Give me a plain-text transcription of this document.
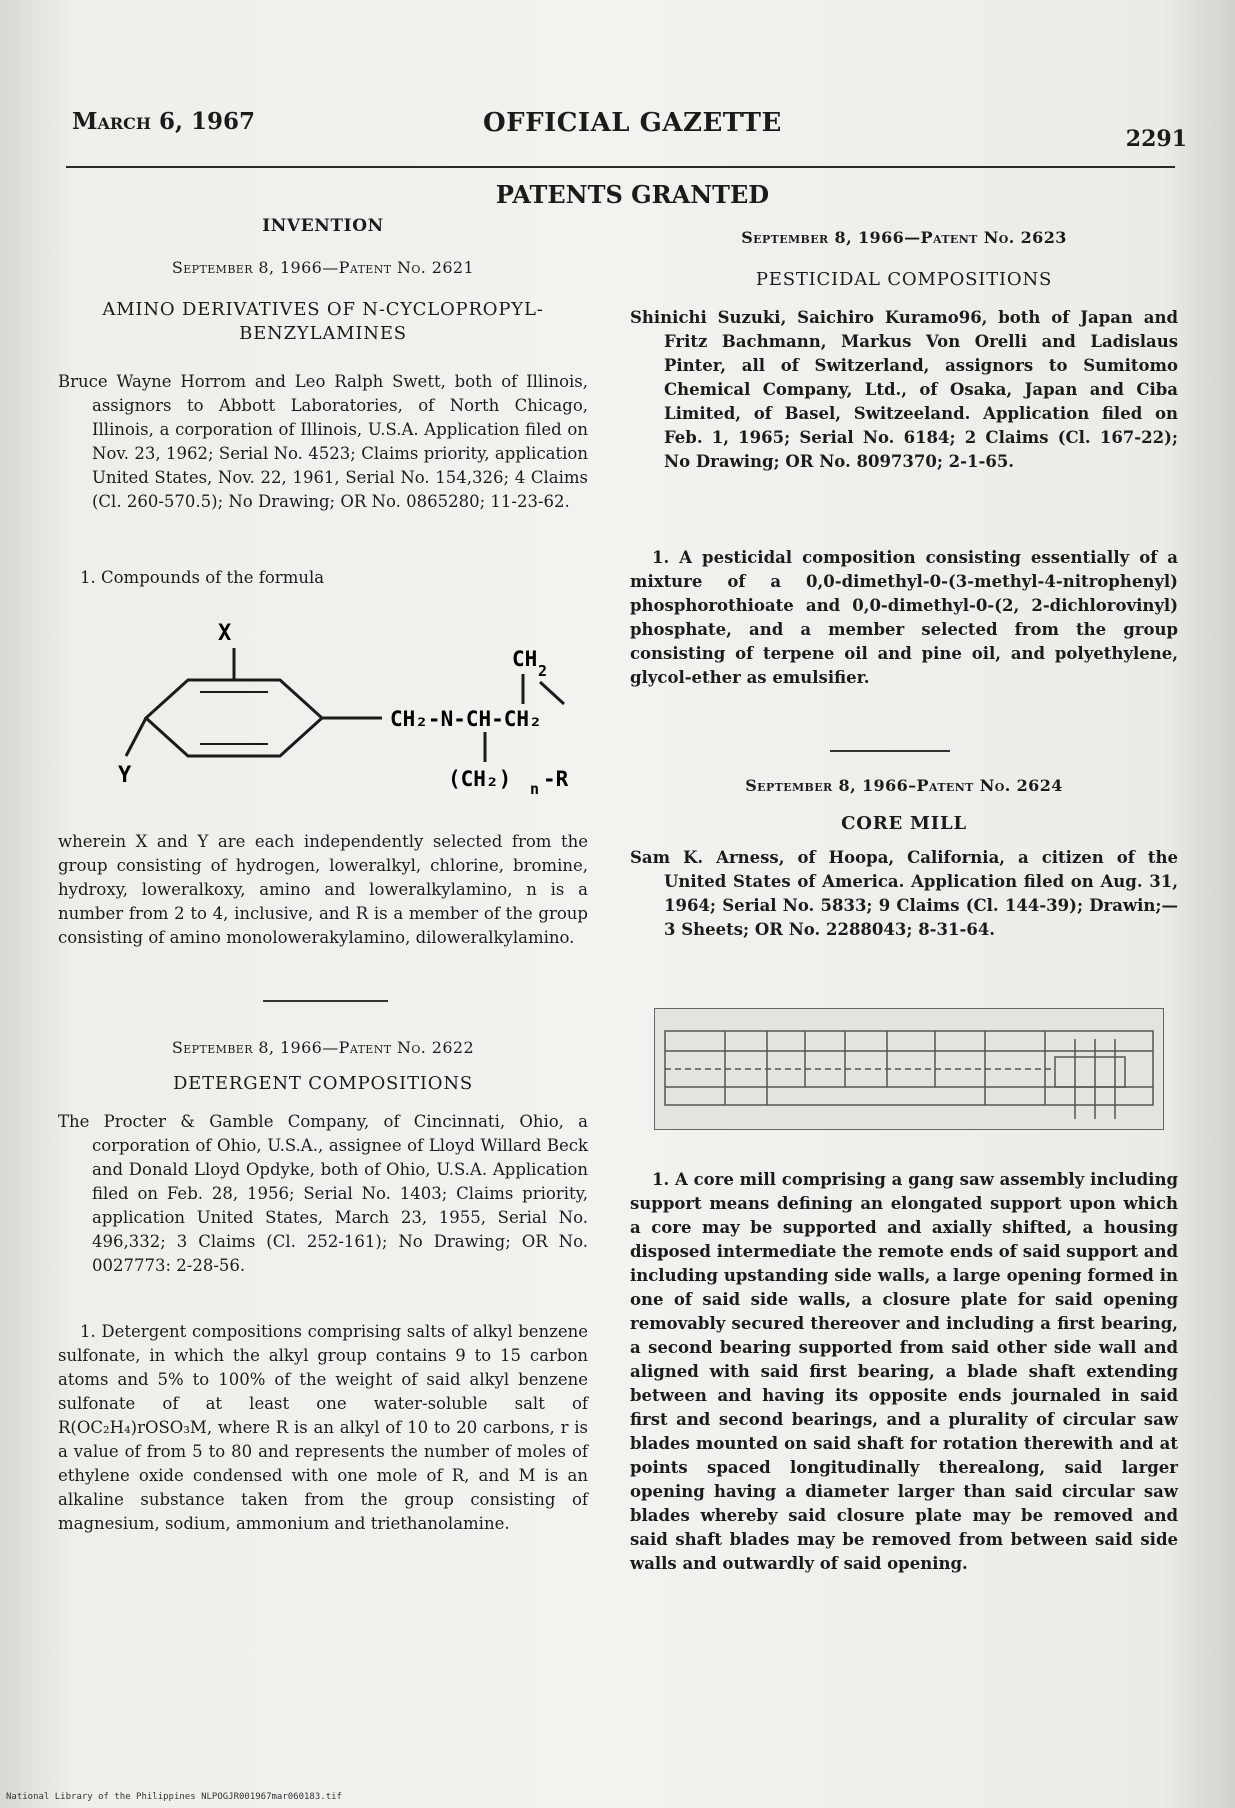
March 6, 1967	OFFICIAL GAZETTE
2291
PATENTS GRANTED
INVENTION
September 8, 1966—Patent No. 2621
AMINO DERIVATIVES OF N-CYCLOPROPYL-
BENZYLAMINES
Bruce Wayne Horrom and Leo Ralph Swett, both of Illinois, assignors to Abbott Laboratories, of North Chicago, Illinois, a corporation of Illinois, U.S.A. Application filed on Nov. 23, 1962; Serial No. 4523; Claims priority, application United States, Nov. 22, 1961, Serial No. 154,326; 4 Claims (Cl. 260-570.5); No Drawing; OR No. 0865280; 11-23-62.
1. Compounds of the formula
X
Y
CH₂-N-CH-CH₂
CH 2
(CH₂) n -R
wherein X and Y are each independently selected from the group consisting of hydrogen, loweralkyl, chlorine, bromine, hydroxy, loweralkoxy, amino and loweralkylamino, n is a number from 2 to 4, inclusive, and R is a member of the group consisting of amino monolowerakylamino, diloweralkylamino.
September 8, 1966—Patent No. 2622
DETERGENT COMPOSITIONS
The Procter & Gamble Company, of Cincinnati, Ohio, a corporation of Ohio, U.S.A., assignee of Lloyd Willard Beck and Donald Lloyd Opdyke, both of Ohio, U.S.A. Application filed on Feb. 28, 1956; Serial No. 1403; Claims priority, application United States, March 23, 1955, Serial No. 496,332; 3 Claims (Cl. 252-161); No Drawing; OR No. 0027773: 2-28-56.
1. Detergent compositions comprising salts of alkyl benzene sulfonate, in which the alkyl group contains 9 to 15 carbon atoms and 5% to 100% of the weight of said alkyl benzene sulfonate of at least one water-soluble salt of R(OC₂H₄)rOSO₃M, where R is an alkyl of 10 to 20 carbons, r is a value of from 5 to 80 and represents the number of moles of ethylene oxide condensed with one mole of R, and M is an alkaline substance taken from the group consisting of magnesium, sodium, ammonium and triethanolamine.
September 8, 1966—Patent No. 2623
PESTICIDAL COMPOSITIONS
Shinichi Suzuki, Saichiro Kuramo96, both of Japan and Fritz Bachmann, Markus Von Orelli and Ladislaus Pinter, all of Switzerland, assignors to Sumitomo Chemical Company, Ltd., of Osaka, Japan and Ciba Limited, of Basel, Switzeeland. Application filed on Feb. 1, 1965; Serial No. 6184; 2 Claims (Cl. 167-22); No Drawing; OR No. 8097370; 2-1-65.
1. A pesticidal composition consisting essentially of a mixture of a 0,0-dimethyl-0-(3-methyl-4-nitrophenyl) phosphorothioate and 0,0-dimethyl-0-(2, 2-dichlorovinyl) phosphate, and a member selected from the group consisting of terpene oil and pine oil, and polyethylene, glycol-ether as emulsifier.
September 8, 1966–Patent No. 2624
CORE MILL
Sam K. Arness, of Hoopa, California, a citizen of the United States of America. Application filed on Aug. 31, 1964; Serial No. 5833; 9 Claims (Cl. 144-39); Drawin;—3 Sheets; OR No. 2288043; 8-31-64.
1. A core mill comprising a gang saw assembly including support means defining an elongated support upon which a core may be supported and axially shifted, a housing disposed intermediate the remote ends of said support and including upstanding side walls, a large opening formed in one of said side walls, a closure plate for said opening removably secured thereover and including a first bearing, a second bearing supported from said other side wall and aligned with said first bearing, a blade shaft extending between and having its opposite ends journaled in said first and second bearings, and a plurality of circular saw blades mounted on said shaft for rotation therewith and at points spaced longitudinally therealong, said larger opening having a diameter larger than said circular saw blades whereby said closure plate may be removed and said shaft blades may be removed from between said side walls and outwardly of said opening.
National Library of the Philippines NLPOGJR001967mar060183.tif
